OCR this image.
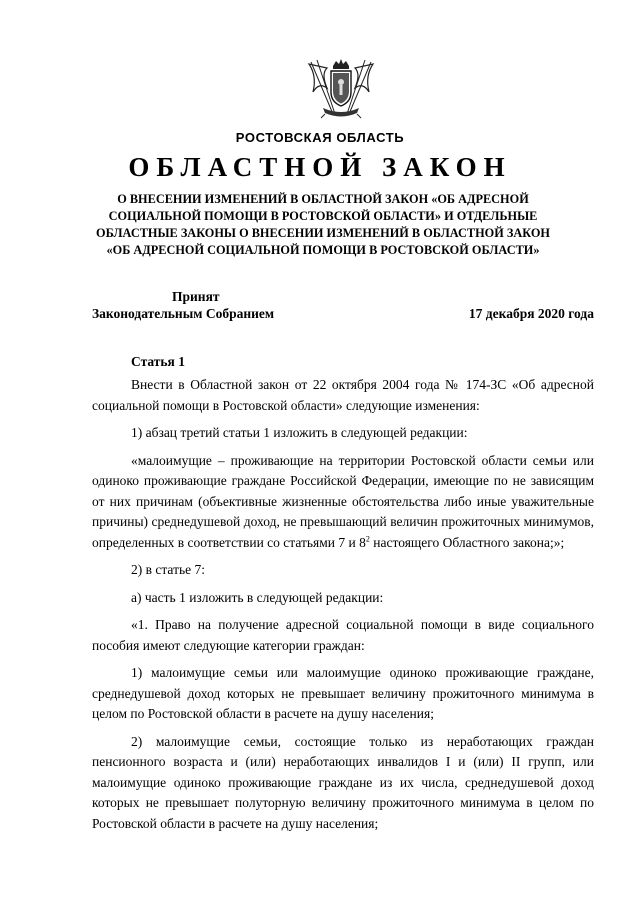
РОСТОВСКАЯ ОБЛАСТЬ
ОБЛАСТНОЙ ЗАКОН
О ВНЕСЕНИИ ИЗМЕНЕНИЙ В ОБЛАСТНОЙ ЗАКОН «ОБ АДРЕСНОЙ
СОЦИАЛЬНОЙ ПОМОЩИ В РОСТОВСКОЙ ОБЛАСТИ» И ОТДЕЛЬНЫЕ
ОБЛАСТНЫЕ ЗАКОНЫ О ВНЕСЕНИИ ИЗМЕНЕНИЙ В ОБЛАСТНОЙ ЗАКОН
«ОБ АДРЕСНОЙ СОЦИАЛЬНОЙ ПОМОЩИ В РОСТОВСКОЙ ОБЛАСТИ»
Принят
Законодательным Собранием	17 декабря 2020 года
Статья 1

Внести в Областной закон от 22 октября 2004 года № 174-ЗС «Об адресной социальной помощи в Ростовской области» следующие изменения:

1) абзац третий статьи 1 изложить в следующей редакции:

«малоимущие – проживающие на территории Ростовской области семьи или одиноко проживающие граждане Российской Федерации, имеющие по не зависящим от них причинам (объективные жизненные обстоятельства либо иные уважительные причины) среднедушевой доход, не превышающий величин прожиточных минимумов, определенных в соответствии со статьями 7 и $8^2$ настоящего Областного закона;»;

2) в статье 7:

а) часть 1 изложить в следующей редакции:

«1. Право на получение адресной социальной помощи в виде социального пособия имеют следующие категории граждан:

1) малоимущие семьи или малоимущие одиноко проживающие граждане, среднедушевой доход которых не превышает величину прожиточного минимума в целом по Ростовской области в расчете на душу населения;

2) малоимущие семьи, состоящие только из неработающих граждан пенсионного возраста и (или) неработающих инвалидов I и (или) II групп, или малоимущие одиноко проживающие граждане из их числа, среднедушевой доход которых не превышает полуторную величину прожиточного минимума в целом по Ростовской области в расчете на душу населения;
